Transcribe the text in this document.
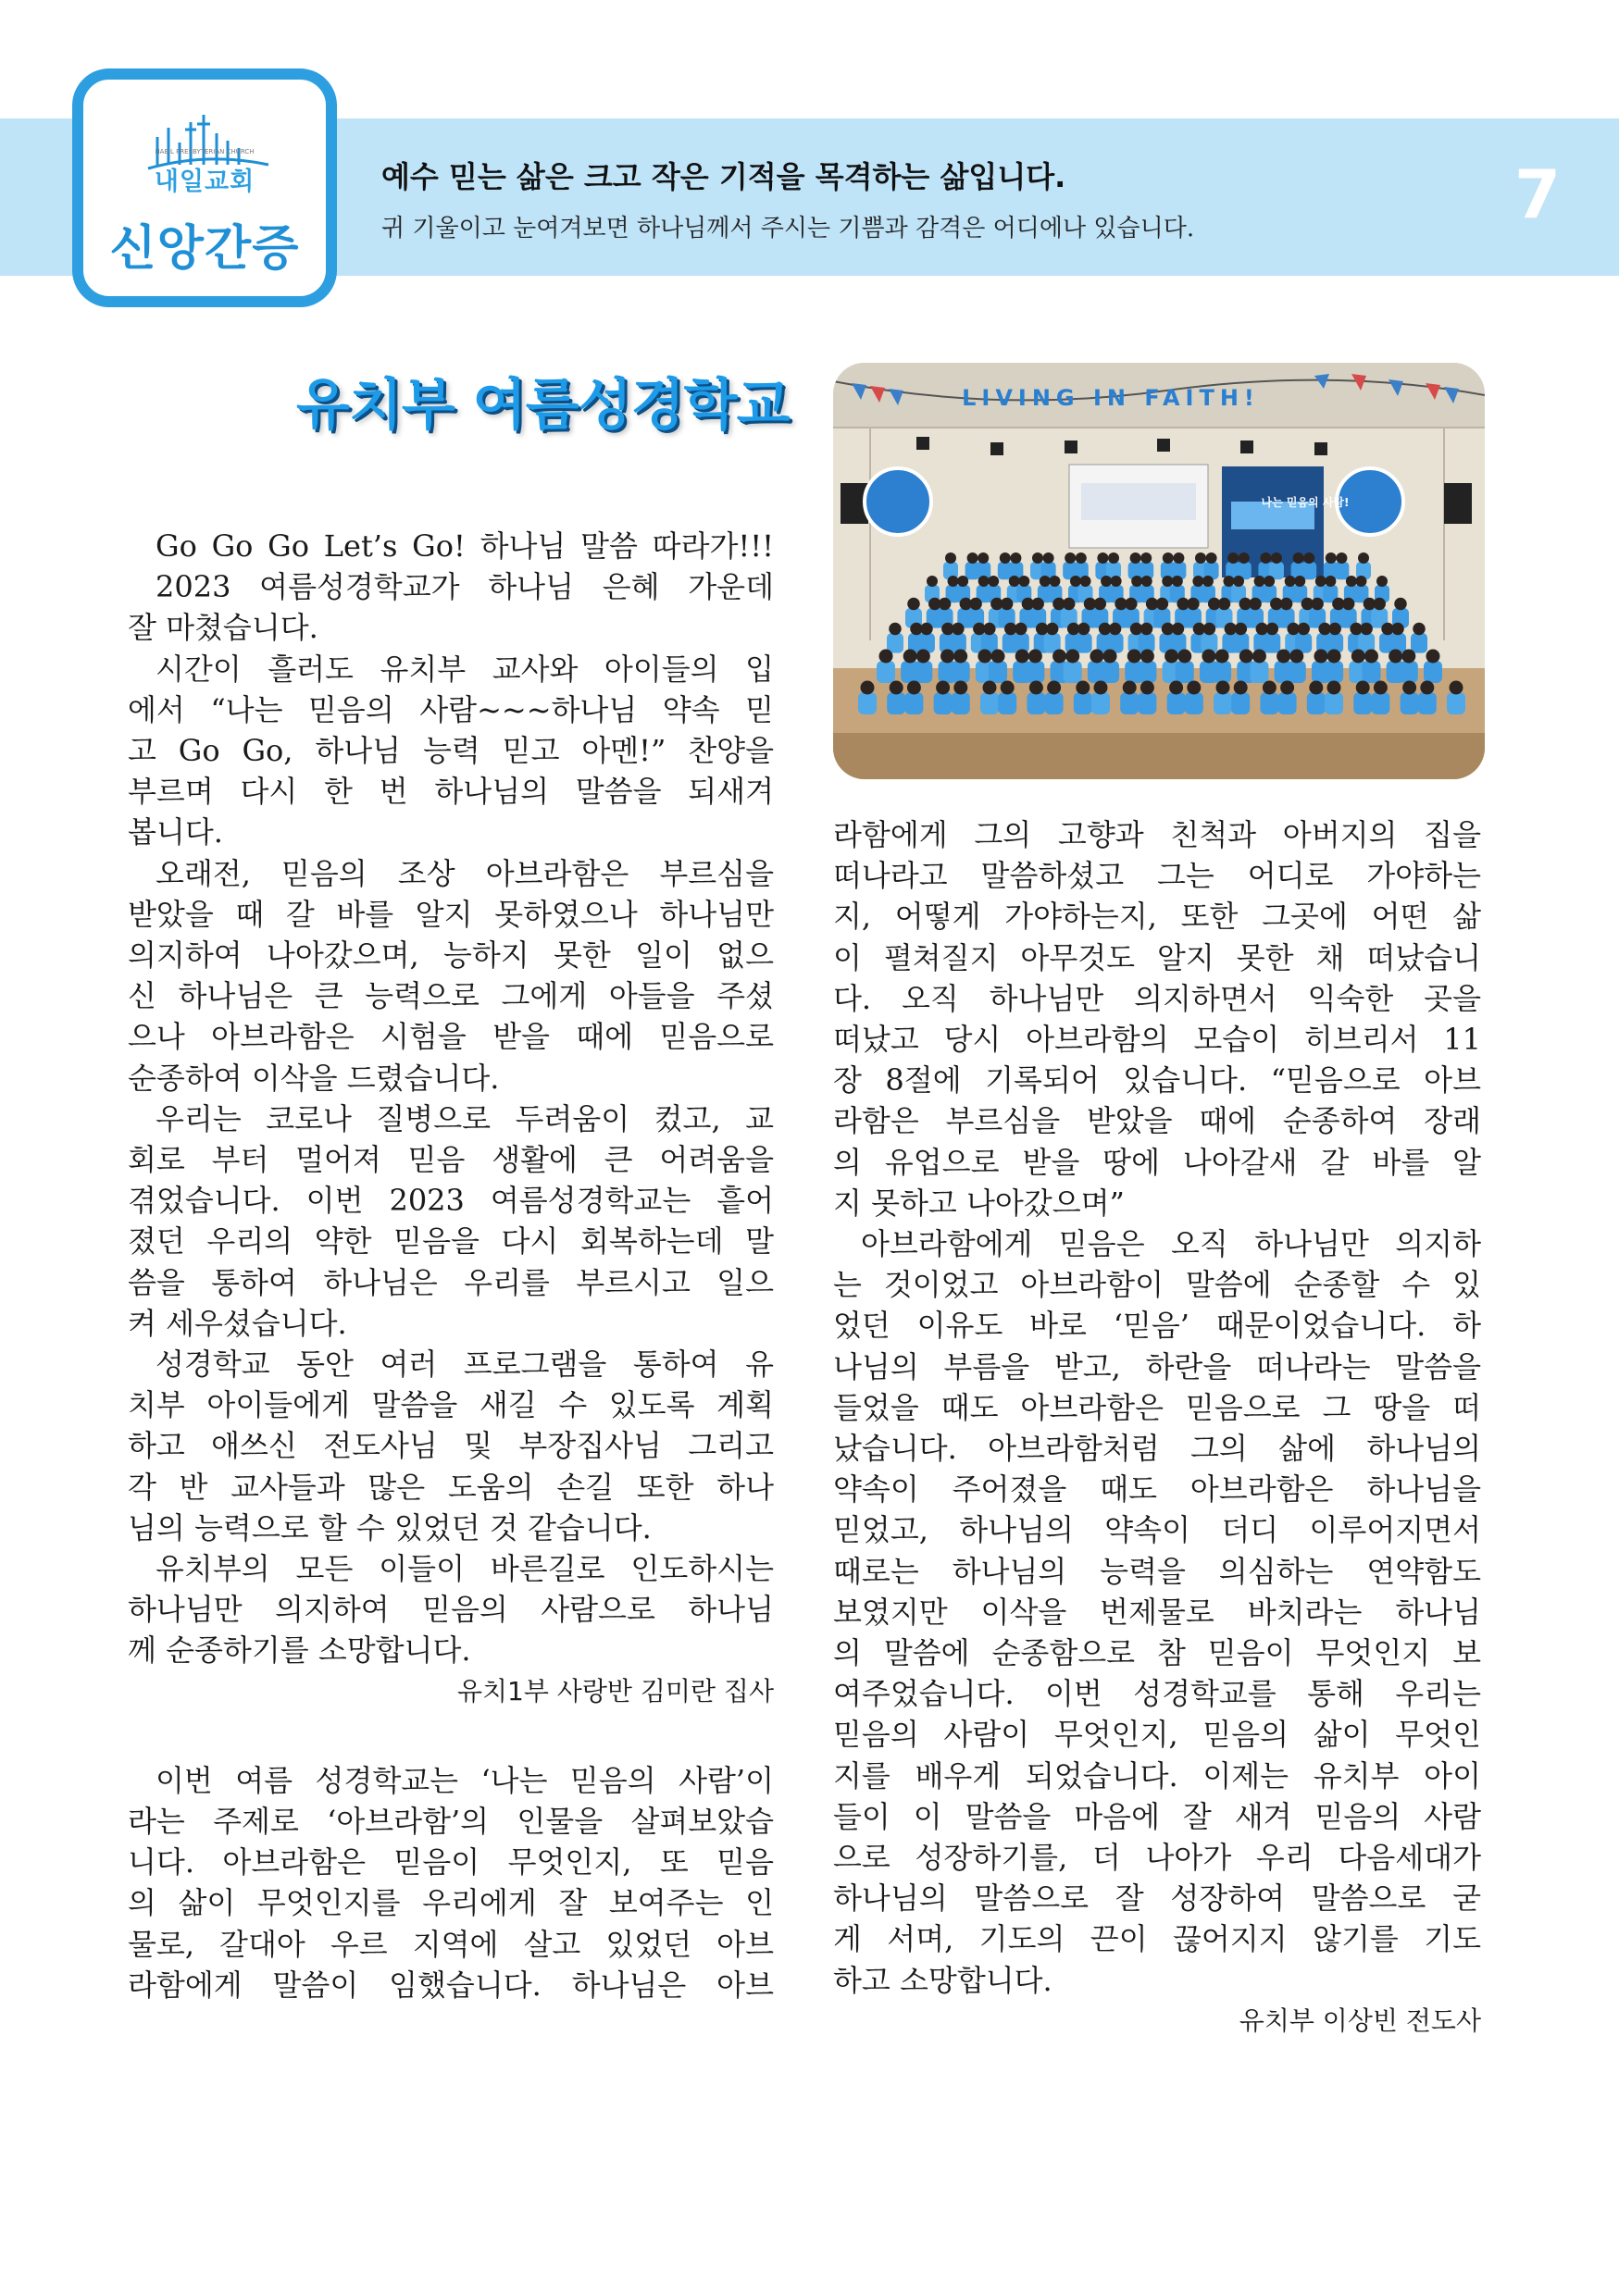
NAEIL PRESBYTERIAN CHURCH
내일교회
신앙간증
예수 믿는 삶은 크고 작은 기적을 목격하는 삶입니다.
귀 기울이고 눈여겨보면 하나님께서 주시는 기쁨과 감격은 어디에나 있습니다.	7
유치부 여름성경학교
Go Go Go Let’s Go! 하나님 말씀 따라가!!!
2023 여름성경학교가 하나님 은혜 가운데
잘 마쳤습니다.
시간이 흘러도 유치부 교사와 아이들의 입
에서 “나는 믿음의 사람~~~하나님 약속 믿
고 Go Go, 하나님 능력 믿고 아멘!” 찬양을
부르며 다시 한 번 하나님의 말씀을 되새겨
봅니다.
오래전, 믿음의 조상 아브라함은 부르심을
받았을 때 갈 바를 알지 못하였으나 하나님만
의지하여 나아갔으며, 능하지 못한 일이 없으
신 하나님은 큰 능력으로 그에게 아들을 주셨
으나 아브라함은 시험을 받을 때에 믿음으로
순종하여 이삭을 드렸습니다.
우리는 코로나 질병으로 두려움이 컸고, 교
회로 부터 멀어져 믿음 생활에 큰 어려움을
겪었습니다. 이번 2023 여름성경학교는 흩어
졌던 우리의 약한 믿음을 다시 회복하는데 말
씀을 통하여 하나님은 우리를 부르시고 일으
켜 세우셨습니다.
성경학교 동안 여러 프로그램을 통하여 유
치부 아이들에게 말씀을 새길 수 있도록 계획
하고 애쓰신 전도사님 및 부장집사님 그리고
각 반 교사들과 많은 도움의 손길 또한 하나
님의 능력으로 할 수 있었던 것 같습니다.
유치부의 모든 이들이 바른길로 인도하시는
하나님만 의지하여 믿음의 사람으로 하나님
께 순종하기를 소망합니다.
유치1부 사랑반 김미란 집사
이번 여름 성경학교는 ‘나는 믿음의 사람’이
라는 주제로 ‘아브라함’의 인물을 살펴보았습
니다. 아브라함은 믿음이 무엇인지, 또 믿음
의 삶이 무엇인지를 우리에게 잘 보여주는 인
물로, 갈대아 우르 지역에 살고 있었던 아브
라함에게 말씀이 임했습니다. 하나님은 아브
LIVING IN FAITH!
나는 믿음의 사람!
라함에게 그의 고향과 친척과 아버지의 집을
떠나라고 말씀하셨고 그는 어디로 가야하는
지, 어떻게 가야하는지, 또한 그곳에 어떤 삶
이 펼쳐질지 아무것도 알지 못한 채 떠났습니
다. 오직 하나님만 의지하면서 익숙한 곳을
떠났고 당시 아브라함의 모습이 히브리서 11
장 8절에 기록되어 있습니다. “믿음으로 아브
라함은 부르심을 받았을 때에 순종하여 장래
의 유업으로 받을 땅에 나아갈새 갈 바를 알
지 못하고 나아갔으며”
아브라함에게 믿음은 오직 하나님만 의지하
는 것이었고 아브라함이 말씀에 순종할 수 있
었던 이유도 바로 ‘믿음’ 때문이었습니다. 하
나님의 부름을 받고, 하란을 떠나라는 말씀을
들었을 때도 아브라함은 믿음으로 그 땅을 떠
났습니다. 아브라함처럼 그의 삶에 하나님의
약속이 주어졌을 때도 아브라함은 하나님을
믿었고, 하나님의 약속이 더디 이루어지면서
때로는 하나님의 능력을 의심하는 연약함도
보였지만 이삭을 번제물로 바치라는 하나님
의 말씀에 순종함으로 참 믿음이 무엇인지 보
여주었습니다. 이번 성경학교를 통해 우리는
믿음의 사람이 무엇인지, 믿음의 삶이 무엇인
지를 배우게 되었습니다. 이제는 유치부 아이
들이 이 말씀을 마음에 잘 새겨 믿음의 사람
으로 성장하기를, 더 나아가 우리 다음세대가
하나님의 말씀으로 잘 성장하여 말씀으로 굳
게 서며, 기도의 끈이 끊어지지 않기를 기도
하고 소망합니다.
유치부 이상빈 전도사
